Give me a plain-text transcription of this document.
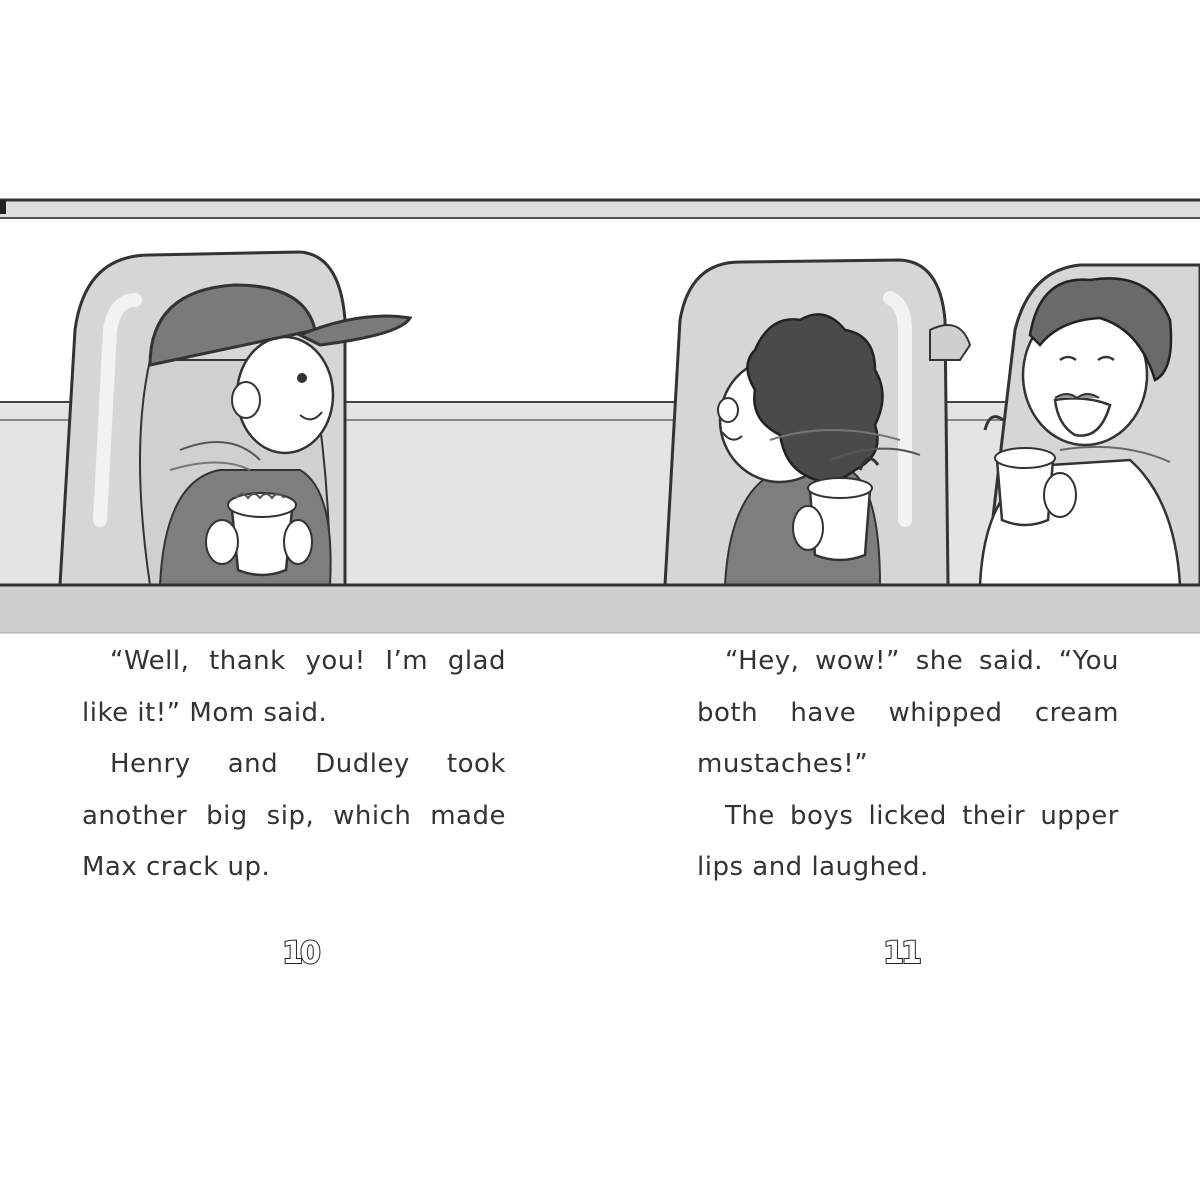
“Well, thank you! I’m glad like it!” Mom said.

Henry and Dudley took another big sip, which made Max crack up.

10

“Hey, wow!” she said. “You both have whipped cream mustaches!”

The boys licked their upper lips and laughed.

11
